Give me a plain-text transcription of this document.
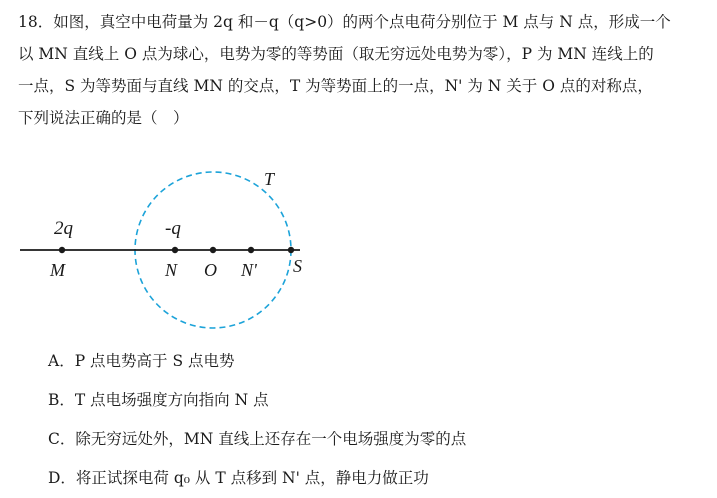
18．如图，真空中电荷量为 2q 和－q（q>0）的两个点电荷分别位于 M 点与 N 点，形成一个
以 MN 直线上 O 点为球心，电势为零的等势面（取无穷远处电势为零），P 为 MN 连线上的
一点，S 为等势面与直线 MN 的交点，T 为等势面上的一点，N' 为 N 关于 O 点的对称点，
下列说法正确的是（　）
2q	-q
M	N O N' S
T
A．P 点电势高于 S 点电势
B．T 点电场强度方向指向 N 点
C．除无穷远处外，MN 直线上还存在一个电场强度为零的点
D．将正试探电荷 q₀ 从 T 点移到 N' 点，静电力做正功
